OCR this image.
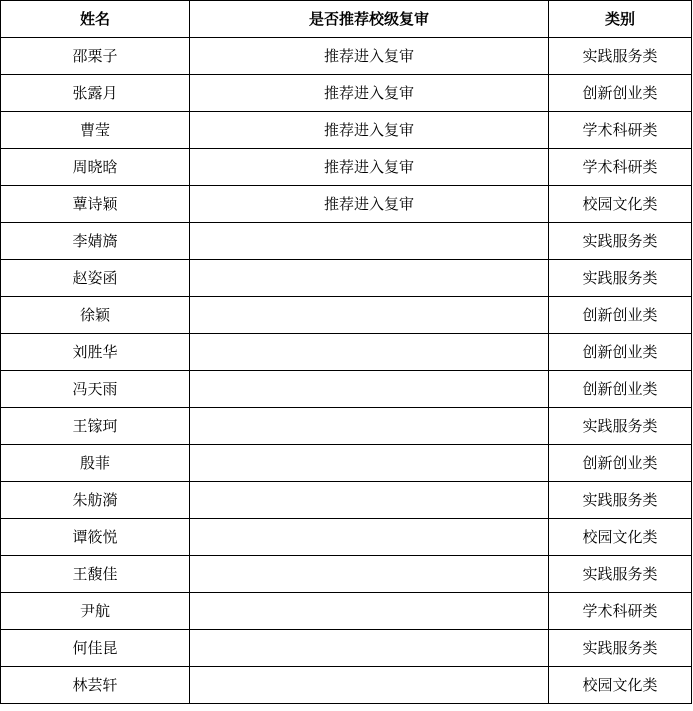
姓名	是否推荐校级复审	类别
邵栗子	推荐进入复审	实践服务类
张露月	推荐进入复审	创新创业类
曹莹	推荐进入复审	学术科研类
周晓晗	推荐进入复审	学术科研类
蕈诗颖	推荐进入复审	校园文化类
李婧旖		实践服务类
赵姿函		实践服务类
徐颖		创新创业类
刘胜华		创新创业类
冯天雨		创新创业类
王镓珂		实践服务类
殷菲		创新创业类
朱舫漪		实践服务类
谭筱悦		校园文化类
王馥佳		实践服务类
尹航		学术科研类
何佳昆		实践服务类
林芸轩		校园文化类
